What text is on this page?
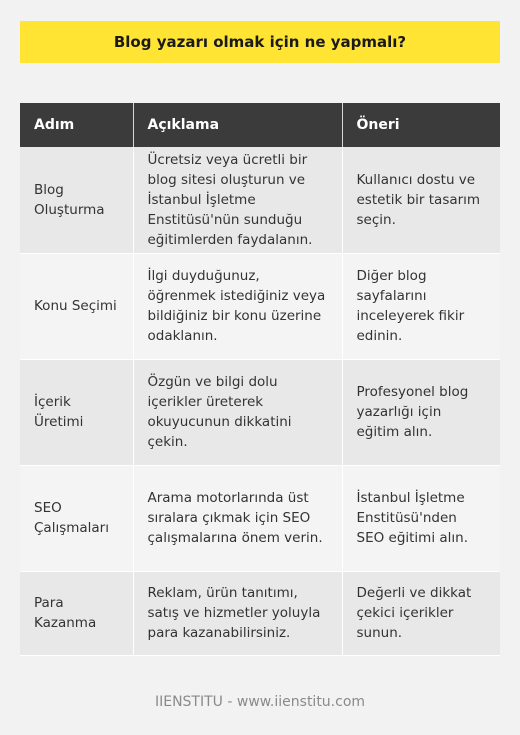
Blog yazarı olmak için ne yapmalı?
Adım	Açıklama	Öneri
Blog Oluşturma	Ücretsiz veya ücretli bir blog sitesi oluşturun ve İstanbul İşletme Enstitüsü'nün sunduğu eğitimlerden faydalanın.	Kullanıcı dostu ve estetik bir tasarım seçin.
Konu Seçimi	İlgi duyduğunuz, öğrenmek istediğiniz veya bildiğiniz bir konu üzerine odaklanın.	Diğer blog sayfalarını inceleyerek fikir edinin.
İçerik Üretimi	Özgün ve bilgi dolu içerikler üreterek okuyucunun dikkatini çekin.	Profesyonel blog yazarlığı için eğitim alın.
SEO Çalışmaları	Arama motorlarında üst sıralara çıkmak için SEO çalışmalarına önem verin.	İstanbul İşletme Enstitüsü'nden SEO eğitimi alın.
Para Kazanma	Reklam, ürün tanıtımı, satış ve hizmetler yoluyla para kazanabilirsiniz.	Değerli ve dikkat çekici içerikler sunun.
IIENSTITU - www.iienstitu.com
